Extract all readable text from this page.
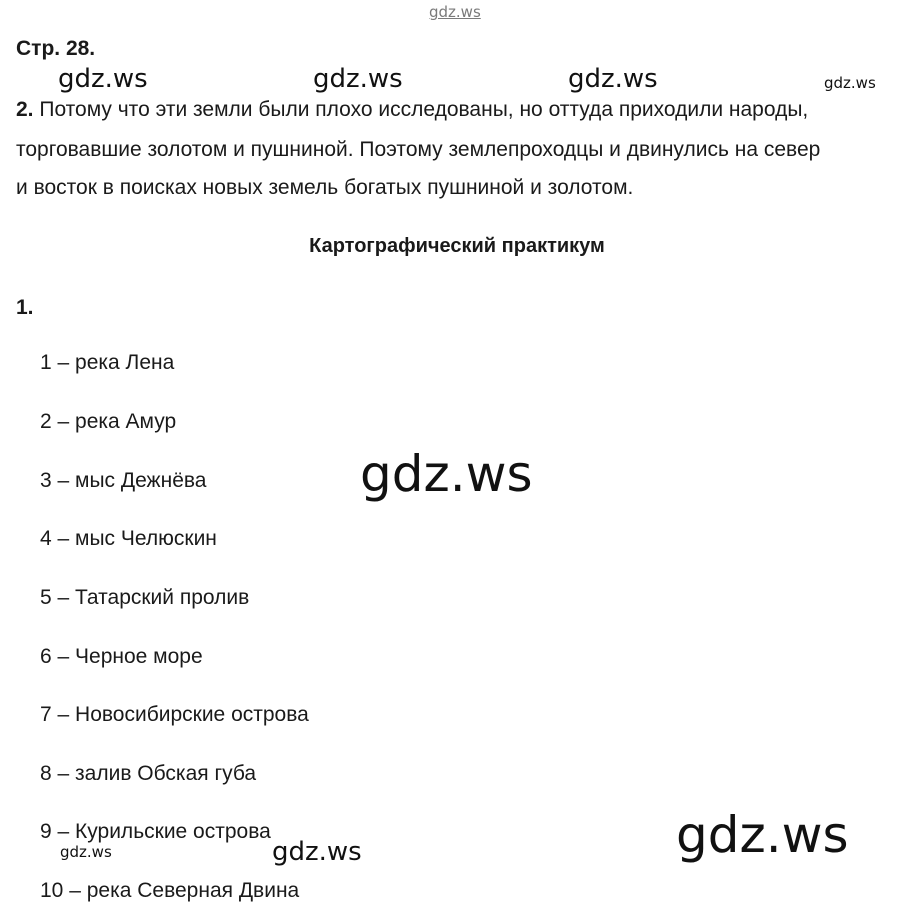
gdz.ws
gdz.ws	gdz.ws	gdz.ws	gdz.ws
Стр. 28.
2. Потому что эти земли были плохо исследованы, но оттуда приходили народы,
торговавшие золотом и пушниной. Поэтому землепроходцы и двинулись на север
и восток в поисках новых земель богатых пушниной и золотом.
Картографический практикум
1.
1 – река Лена
2 – река Амур
3 – мыс Дежнёва
4 – мыс Челюскин
5 – Татарский пролив
6 – Черное море
7 – Новосибирские острова
8 – залив Обская губа
9 – Курильские острова
10 – река Северная Двина
gdz.ws
gdz.ws	gdz.ws	gdz.ws
